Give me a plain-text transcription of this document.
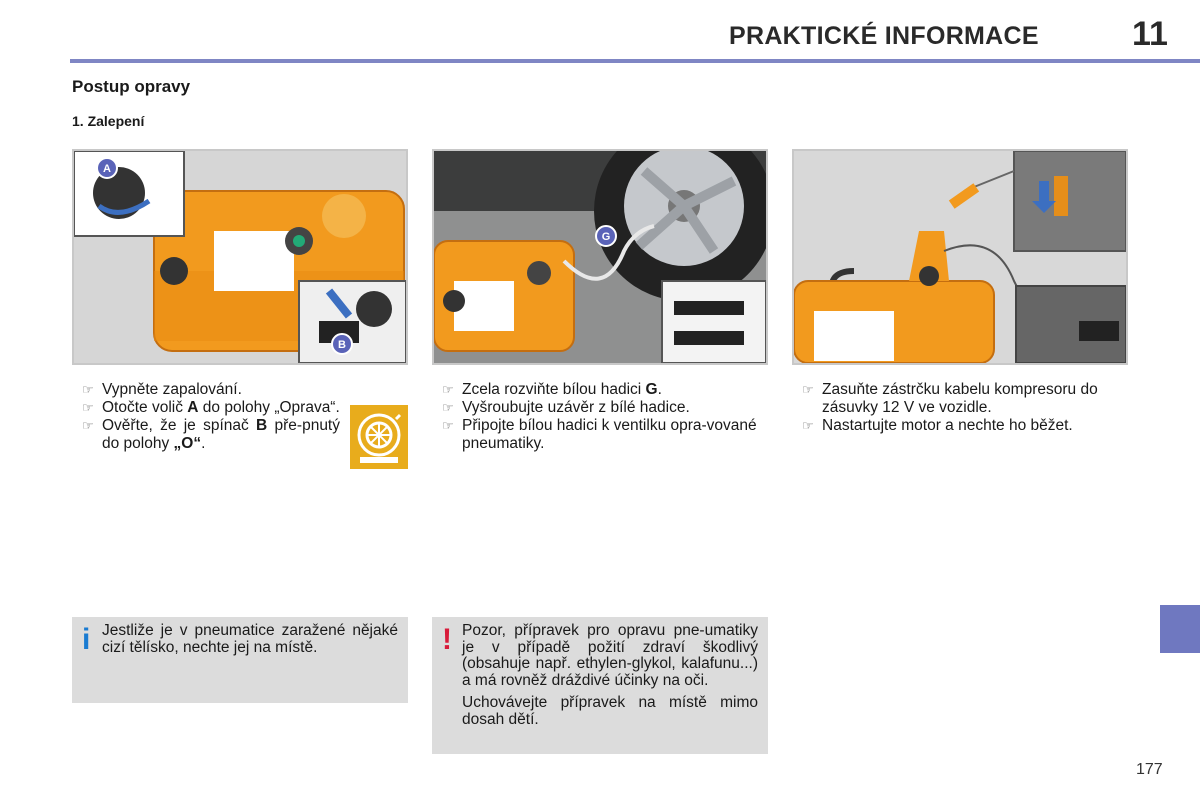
PRAKTICKÉ INFORMACE	11
Postup opravy
1. Zalepení
A
B
G
☞ Vypněte zapalování.
☞ Otočte volič A do polohy „Oprava“.
☞ Ověřte, že je spínač B pře-pnutý do polohy „O“.
☞ Zcela rozviňte bílou hadici G.
☞ Vyšroubujte uzávěr z bílé hadice.
☞ Připojte bílou hadici k ventilku opra-vované pneumatiky.
☞ Zasuňte zástrčku kabelu kompresoru do zásuvky 12 V ve vozidle.
☞ Nastartujte motor a nechte ho běžet.
i Jestliže je v pneumatice zaražené nějaké cizí tělísko, nechte jej na místě.	! Pozor, přípravek pro opravu pne-umatiky je v případě požití zdraví škodlivý (obsahuje např. ethylen-glykol, kalafunu...) a má rovněž dráždivé účinky na oči.

Uchovávejte přípravek na místě mimo dosah dětí.

177
